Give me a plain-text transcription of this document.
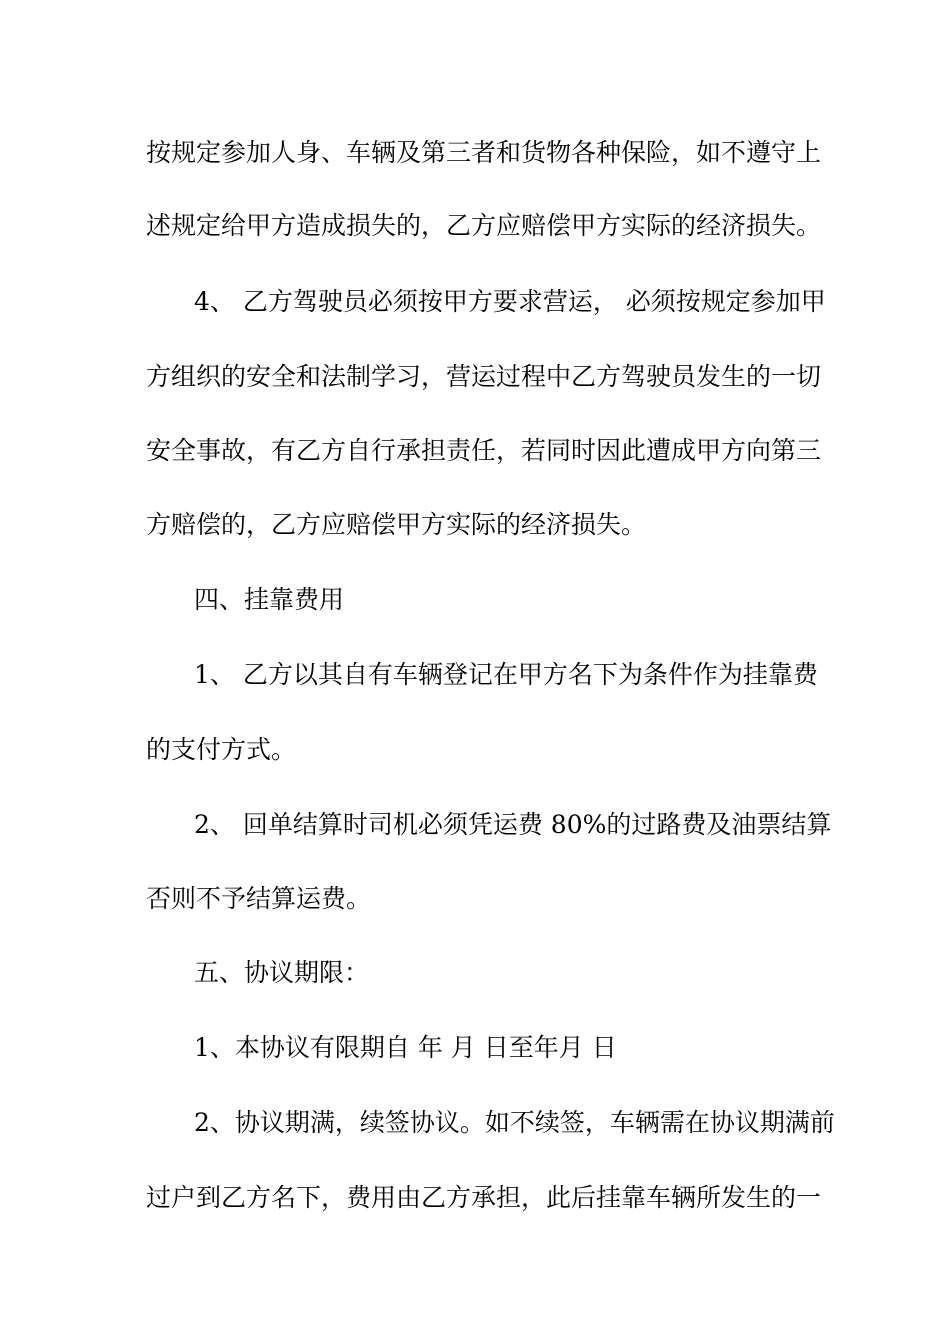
按规定参加人身、车辆及第三者和货物各种保险，如不遵守上
述规定给甲方造成损失的，乙方应赔偿甲方实际的经济损失。
4、 乙方驾驶员必须按甲方要求营运， 必须按规定参加甲
方组织的安全和法制学习，营运过程中乙方驾驶员发生的一切
安全事故，有乙方自行承担责任，若同时因此遭成甲方向第三
方赔偿的，乙方应赔偿甲方实际的经济损失。
四、挂靠费用
1、 乙方以其自有车辆登记在甲方名下为条件作为挂靠费
的支付方式。
2、 回单结算时司机必须凭运费 80%的过路费及油票结算
否则不予结算运费。
五、协议期限：
1、本协议有限期自 年 月 日至年月 日
2、协议期满，续签协议。如不续签，车辆需在协议期满前
过户到乙方名下，费用由乙方承担，此后挂靠车辆所发生的一
